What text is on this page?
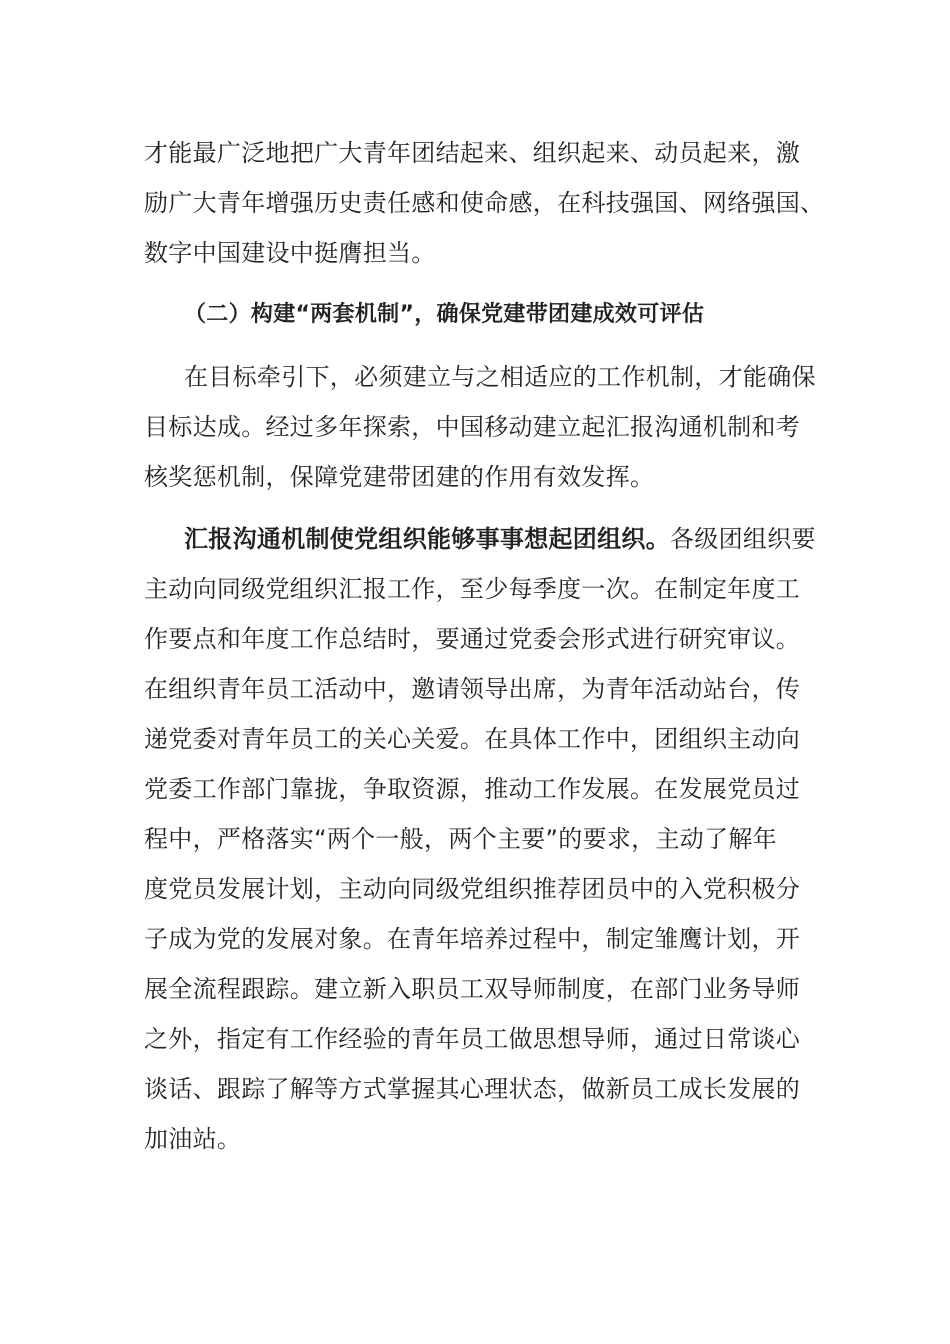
才能最广泛地把广大青年团结起来、组织起来、动员起来，激
励广大青年增强历史责任感和使命感，在科技强国、网络强国、
数字中国建设中挺膺担当。
（二）构建“两套机制”，确保党建带团建成效可评估
在目标牵引下，必须建立与之相适应的工作机制，才能确保
目标达成。经过多年探索，中国移动建立起汇报沟通机制和考
核奖惩机制，保障党建带团建的作用有效发挥。
汇报沟通机制使党组织能够事事想起团组织。各级团组织要
主动向同级党组织汇报工作，至少每季度一次。在制定年度工
作要点和年度工作总结时，要通过党委会形式进行研究审议。
在组织青年员工活动中，邀请领导出席，为青年活动站台，传
递党委对青年员工的关心关爱。在具体工作中，团组织主动向
党委工作部门靠拢，争取资源，推动工作发展。在发展党员过
程中，严格落实“两个一般，两个主要”的要求，主动了解年
度党员发展计划，主动向同级党组织推荐团员中的入党积极分
子成为党的发展对象。在青年培养过程中，制定雏鹰计划，开
展全流程跟踪。建立新入职员工双导师制度，在部门业务导师
之外，指定有工作经验的青年员工做思想导师，通过日常谈心
谈话、跟踪了解等方式掌握其心理状态，做新员工成长发展的
加油站。
